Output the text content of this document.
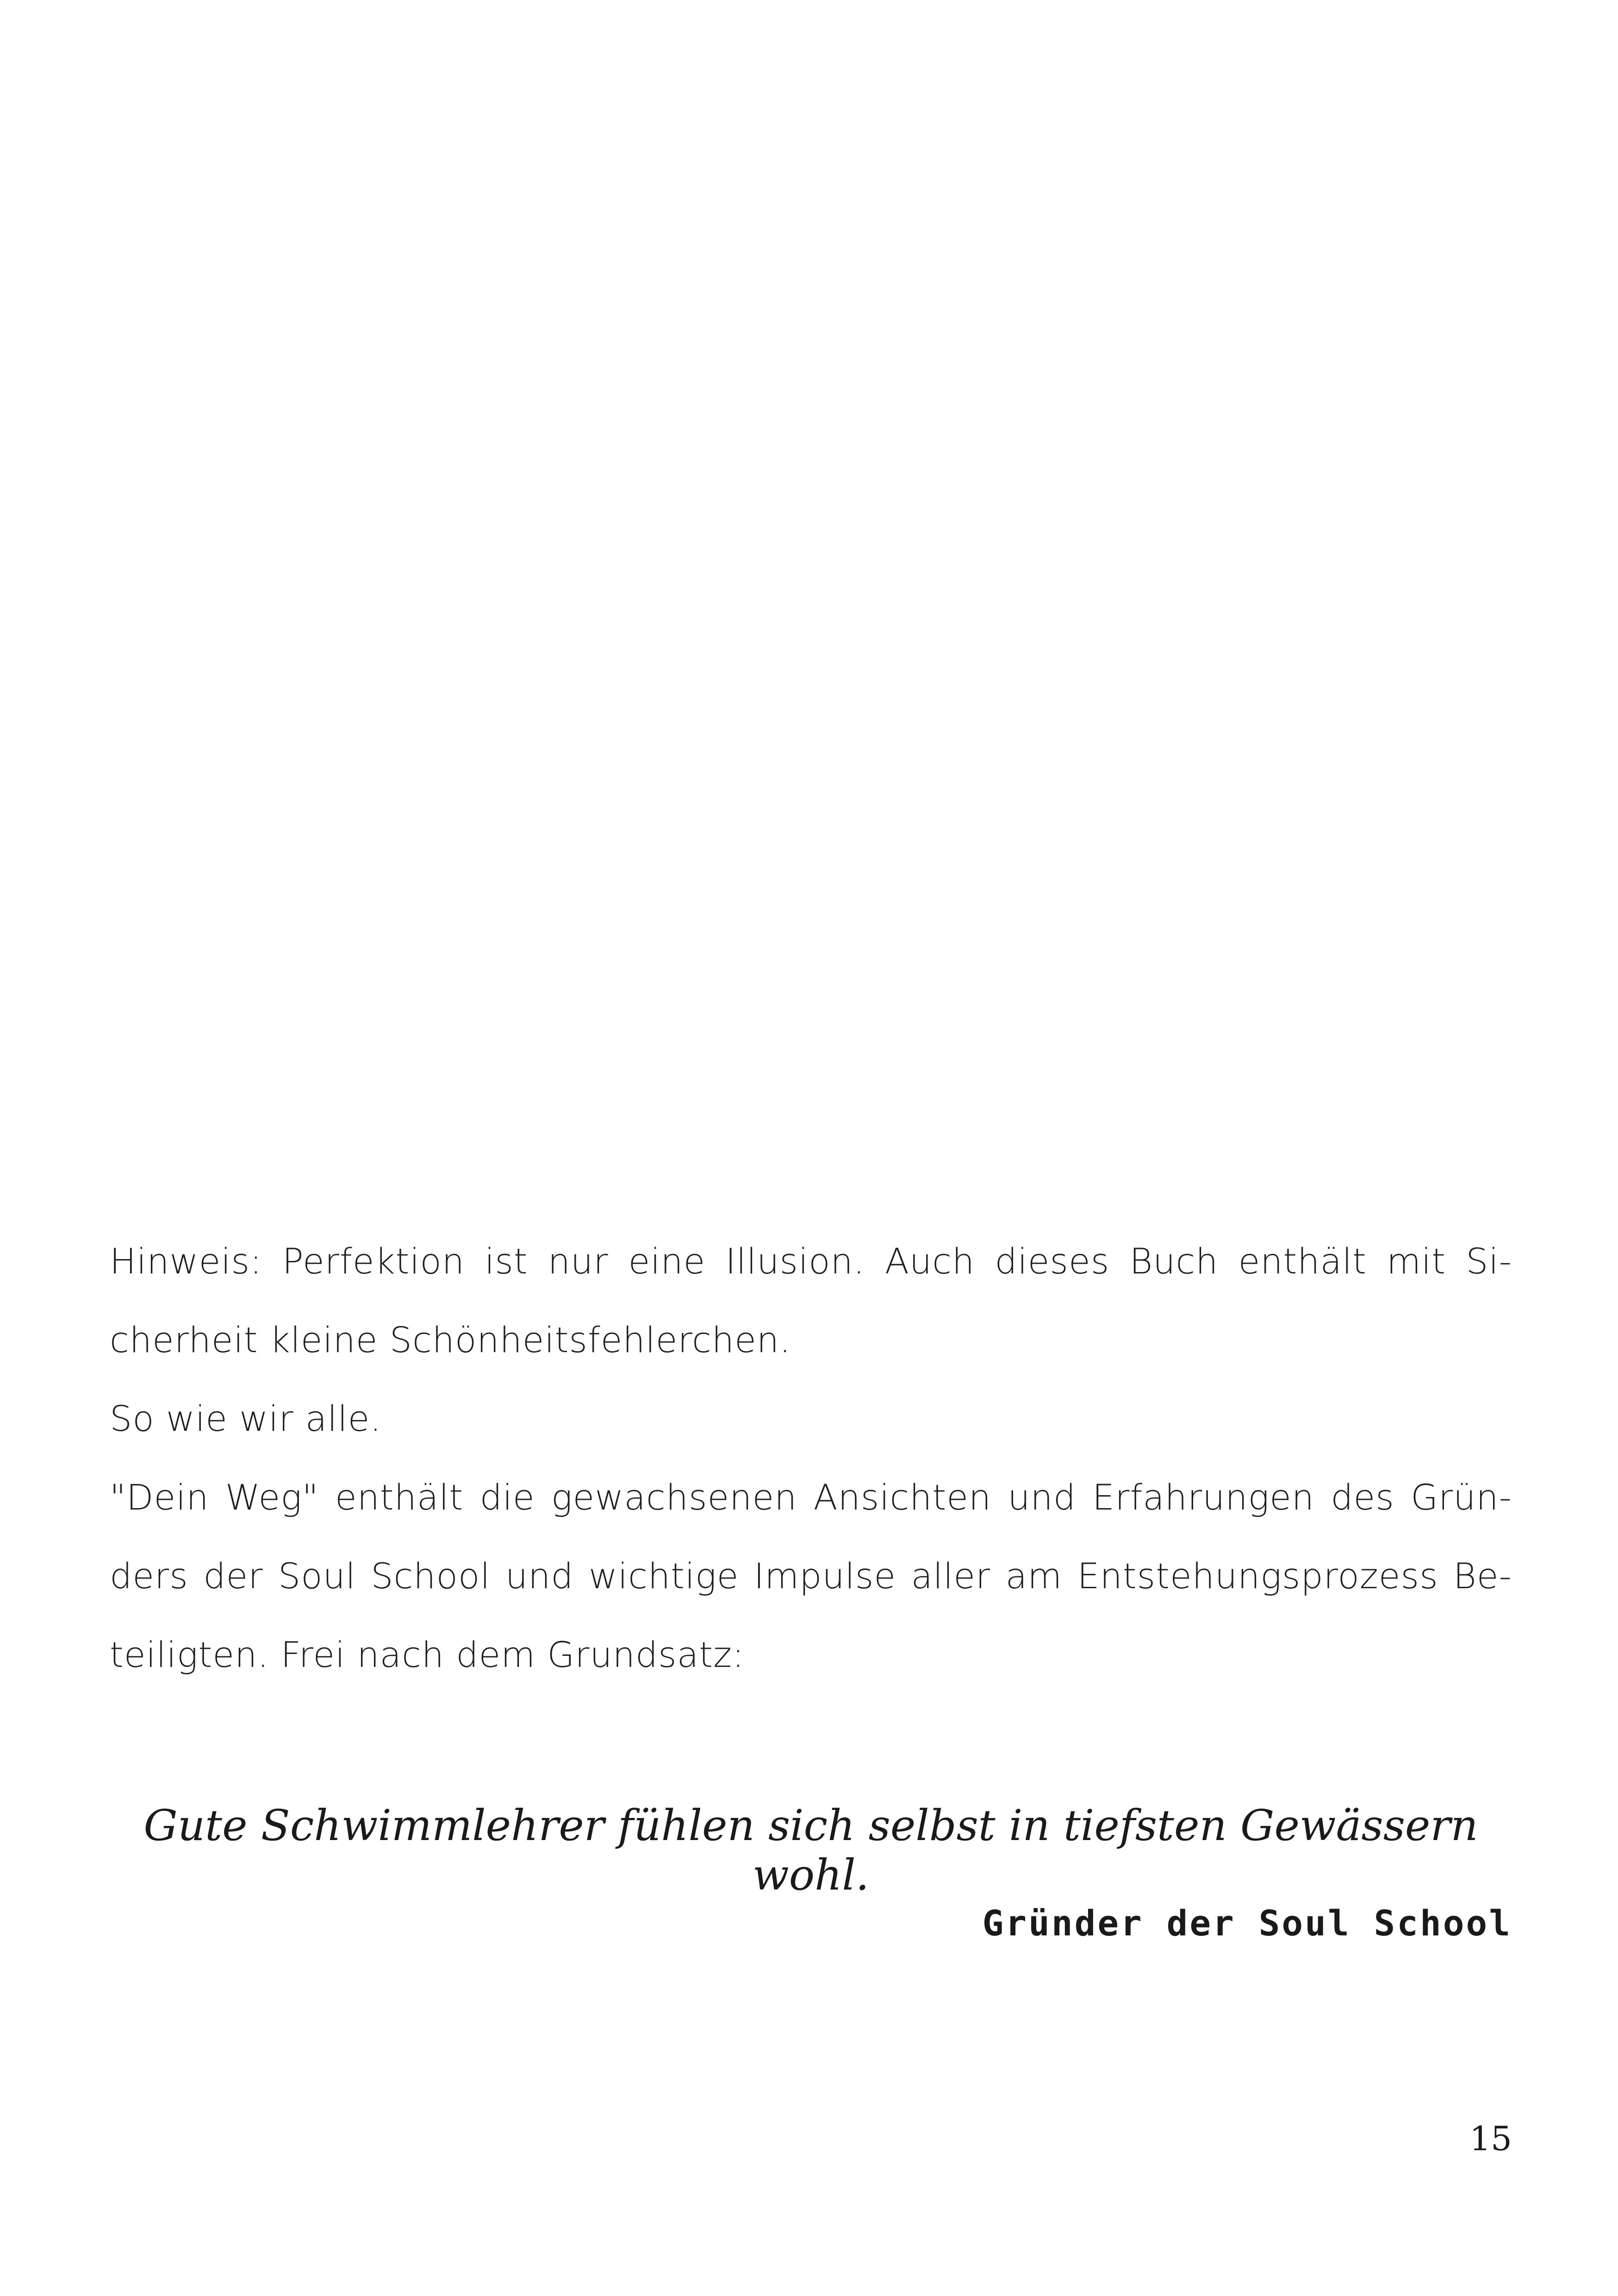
Hinweis: Perfektion ist nur eine Illusion. Auch dieses Buch enthält mit Si-
cherheit kleine Schönheitsfehlerchen.
So wie wir alle.
"Dein Weg" enthält die gewachsenen Ansichten und Erfahrungen des Grün-
ders der Soul School und wichtige Impulse aller am Entstehungsprozess Be-
teiligten. Frei nach dem Grundsatz:

Gute Schwimmlehrer fühlen sich selbst in tiefsten Gewässern wohl.

Gründer der Soul School

15
